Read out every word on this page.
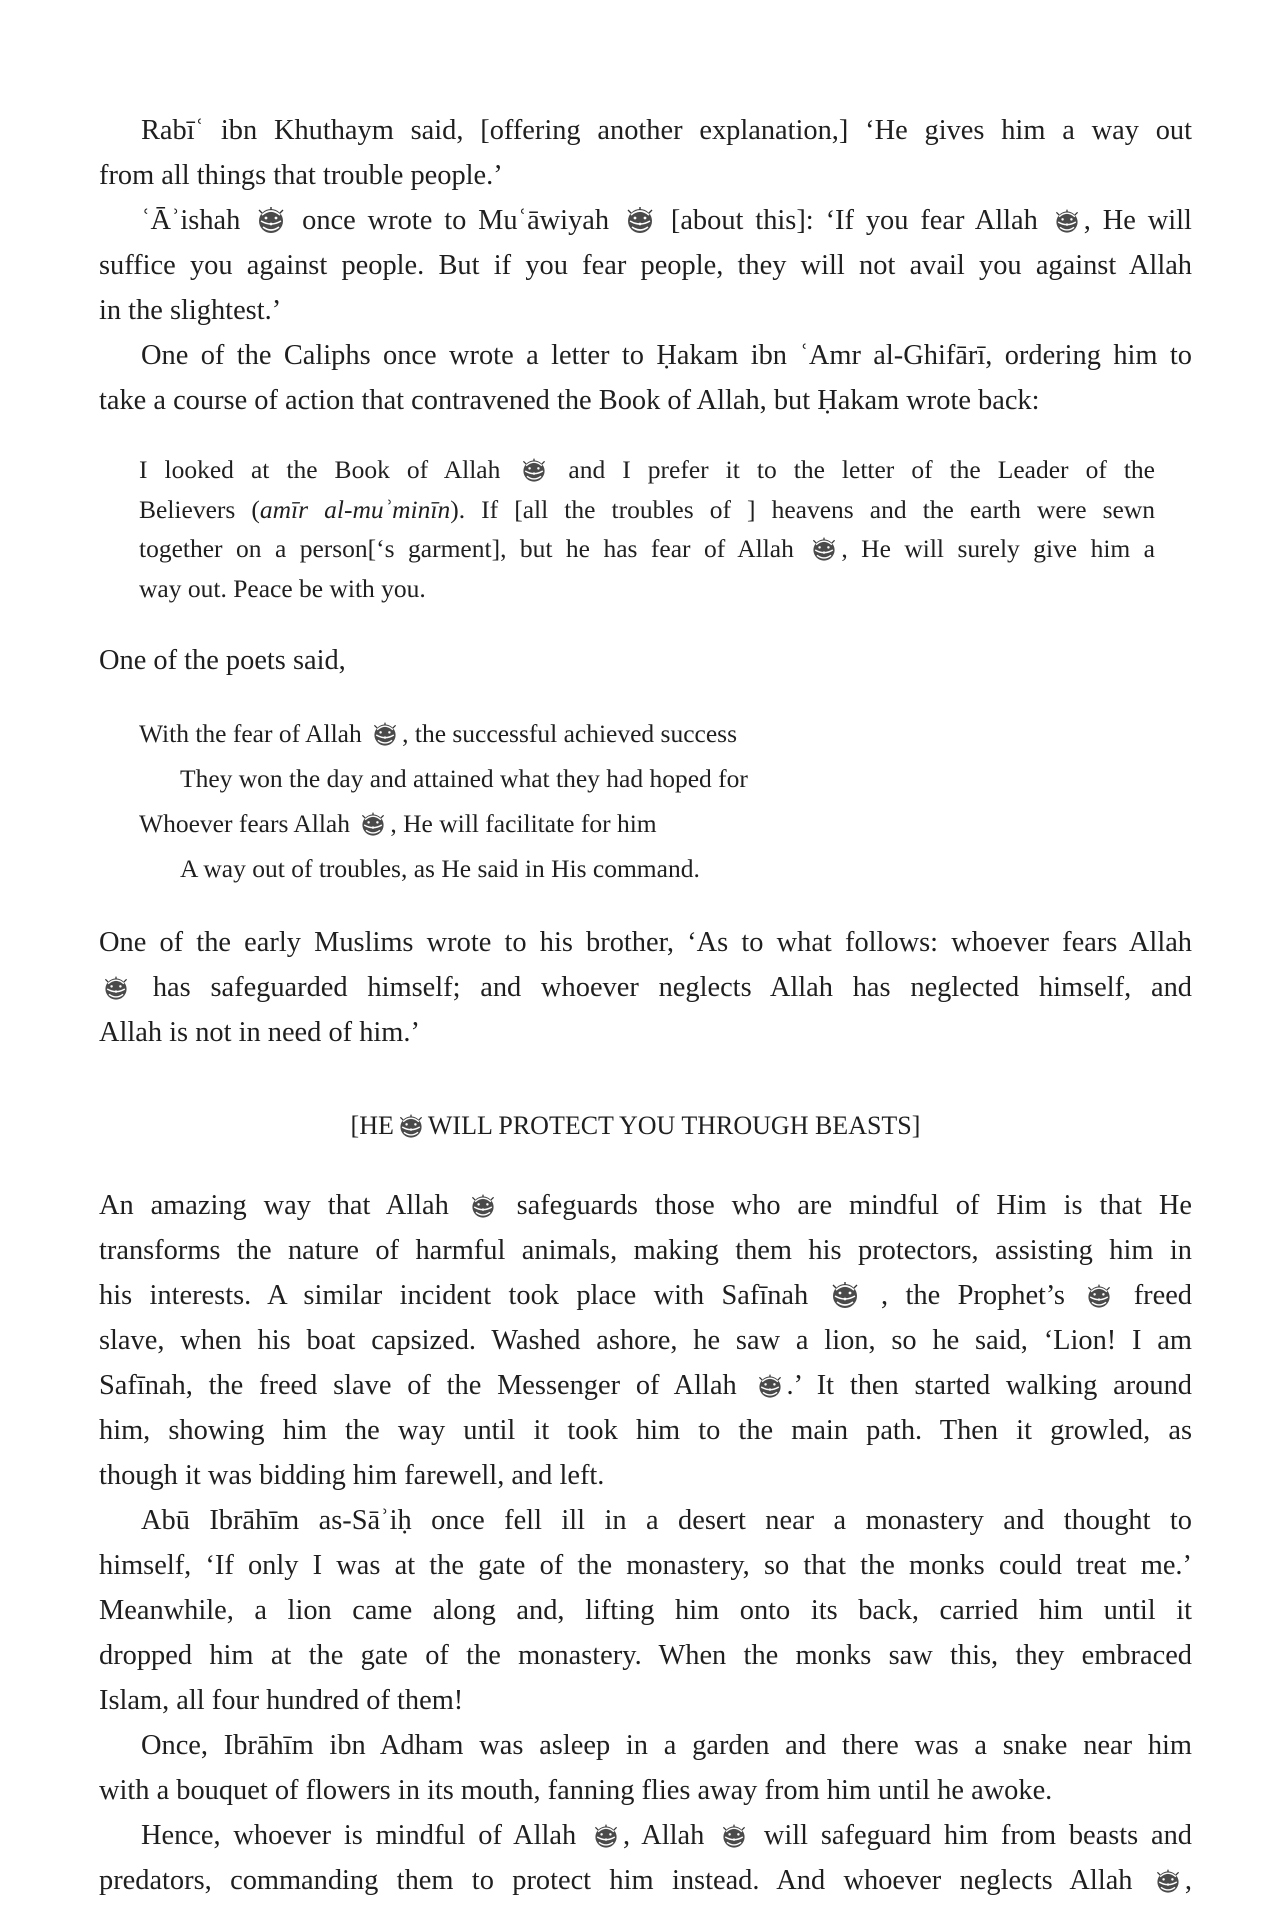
Rabīʿ ibn Khuthaym said, [offering another explanation,] ‘He gives him a way out
from all things that trouble people.’
ʿĀʾishah once wrote to Muʿāwiyah [about this]: ‘If you fear Allah , He will
suffice you against people. But if you fear people, they will not avail you against Allah
in the slightest.’
One of the Caliphs once wrote a letter to Ḥakam ibn ʿAmr al-Ghifārī, ordering him to
take a course of action that contravened the Book of Allah, but Ḥakam wrote back:
I looked at the Book of Allah	and I prefer it to the letter of the Leader of the
Believers (amīr al-muʾminīn). If [all the troubles of ] heavens and the earth were sewn
together on a person[‘s garment], but he has fear of Allah , He will surely give him a
way out. Peace be with you.
One of the poets said,
With the fear of Allah , the successful achieved success
They won the day and attained what they had hoped for
Whoever fears Allah , He will facilitate for him
A way out of troubles, as He said in His command.
One of the early Muslims wrote to his brother, ‘As to what follows: whoever fears Allah
has safeguarded himself; and whoever neglects Allah has neglected himself, and
Allah is not in need of him.’
[HE WILL PROTECT YOU THROUGH BEASTS]
An amazing way that Allah safeguards those who are mindful of Him is that He
transforms the nature of harmful animals, making them his protectors, assisting him in
his interests. A similar incident took place with Safīnah	, the Prophet’s freed
slave, when his boat capsized. Washed ashore, he saw a lion, so he said, ‘Lion! I am
Safīnah, the freed slave of the Messenger of Allah .’ It then started walking around
him, showing him the way until it took him to the main path. Then it growled, as
though it was bidding him farewell, and left.
Abū Ibrāhīm as-Sāʾiḥ once fell ill in a desert near a monastery and thought to
himself, ‘If only I was at the gate of the monastery, so that the monks could treat me.’
Meanwhile, a lion came along and, lifting him onto its back, carried him until it
dropped him at the gate of the monastery. When the monks saw this, they embraced
Islam, all four hundred of them!
Once, Ibrāhīm ibn Adham was asleep in a garden and there was a snake near him
with a bouquet of flowers in its mouth, fanning flies away from him until he awoke.
Hence, whoever is mindful of Allah , Allah will safeguard him from beasts and
predators, commanding them to protect him instead. And whoever neglects Allah ,
